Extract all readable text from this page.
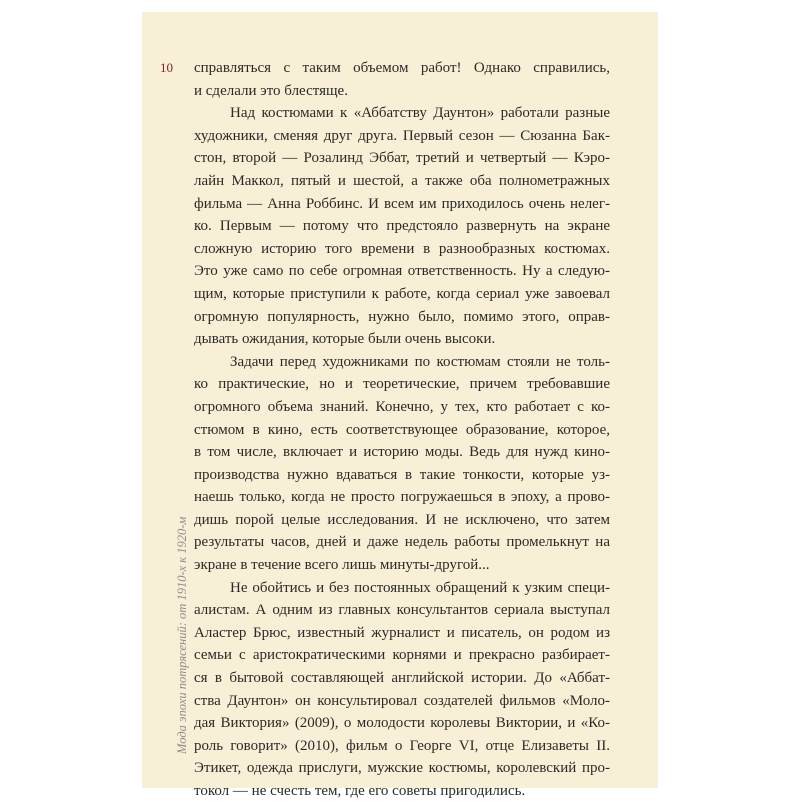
10
Мода эпохи потрясений: от 1910-х к 1920-м
справляться с таким объемом работ! Однако справились,
и сделали это блестяще.
Над костюмами к «Аббатству Даунтон» работали разные
художники, сменяя друг друга. Первый сезон — Сюзанна Бак-
стон, второй — Розалинд Эббат, третий и четвертый — Кэро-
лайн Маккол, пятый и шестой, а также оба полнометражных
фильма — Анна Роббинс. И всем им приходилось очень нелег-
ко. Первым — потому что предстояло развернуть на экране
сложную историю того времени в разнообразных костюмах.
Это уже само по себе огромная ответственность. Ну а следую-
щим, которые приступили к работе, когда сериал уже завоевал
огромную популярность, нужно было, помимо этого, оправ-
дывать ожидания, которые были очень высоки.
Задачи перед художниками по костюмам стояли не толь-
ко практические, но и теоретические, причем требовавшие
огромного объема знаний. Конечно, у тех, кто работает с ко-
стюмом в кино, есть соответствующее образование, которое,
в том числе, включает и историю моды. Ведь для нужд кино-
производства нужно вдаваться в такие тонкости, которые уз-
наешь только, когда не просто погружаешься в эпоху, а прово-
дишь порой целые исследования. И не исключено, что затем
результаты часов, дней и даже недель работы промелькнут на
экране в течение всего лишь минуты-другой...
Не обойтись и без постоянных обращений к узким специ-
алистам. А одним из главных консультантов сериала выступал
Аластер Брюс, известный журналист и писатель, он родом из
семьи с аристократическими корнями и прекрасно разбирает-
ся в бытовой составляющей английской истории. До «Аббат-
ства Даунтон» он консультировал создателей фильмов «Моло-
дая Виктория» (2009), о молодости королевы Виктории, и «Ко-
роль говорит» (2010), фильм о Георге VI, отце Елизаветы II.
Этикет, одежда прислуги, мужские костюмы, королевский про-
токол — не счесть тем, где его советы пригодились.
